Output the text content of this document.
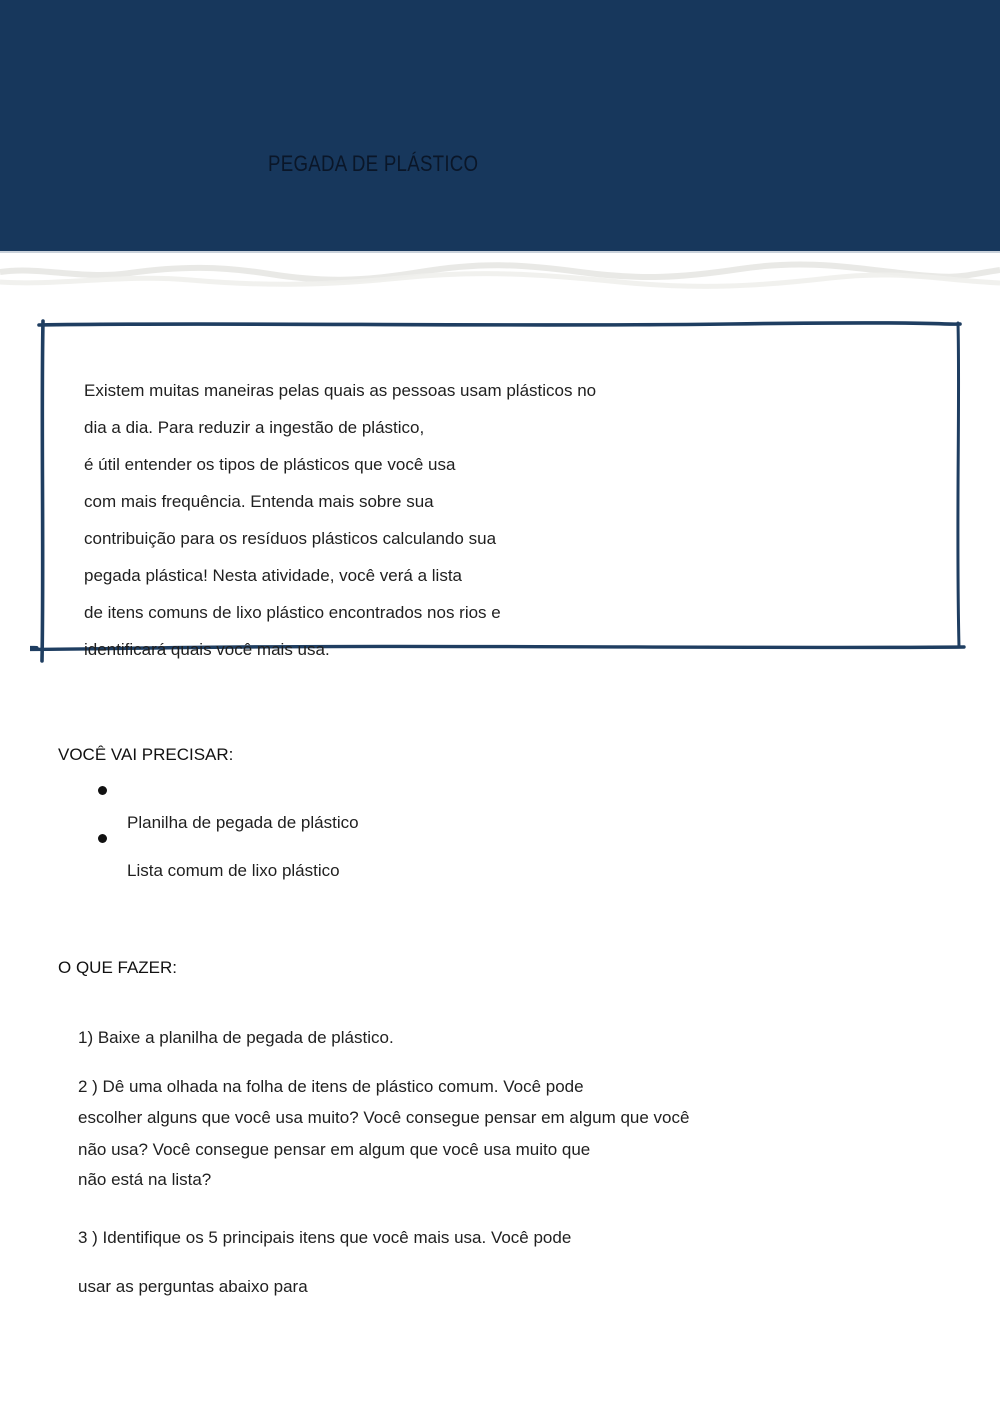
PEGADA DE PLÁSTICO
Existem muitas maneiras pelas quais as pessoas usam plásticos no
dia a dia. Para reduzir a ingestão de plástico,
é útil entender os tipos de plásticos que você usa
com mais frequência. Entenda mais sobre sua
contribuição para os resíduos plásticos calculando sua
pegada plástica! Nesta atividade, você verá a lista
de itens comuns de lixo plástico encontrados nos rios e
identificará quais você mais usa.
VOCÊ VAI PRECISAR:
Planilha de pegada de plástico
Lista comum de lixo plástico
O QUE FAZER:
1) Baixe a planilha de pegada de plástico.
2 ) Dê uma olhada na folha de itens de plástico comum. Você pode
escolher alguns que você usa muito? Você consegue pensar em algum que você
não usa? Você consegue pensar em algum que você usa muito que
não está na lista?
3 ) Identifique os 5 principais itens que você mais usa. Você pode
usar as perguntas abaixo para
